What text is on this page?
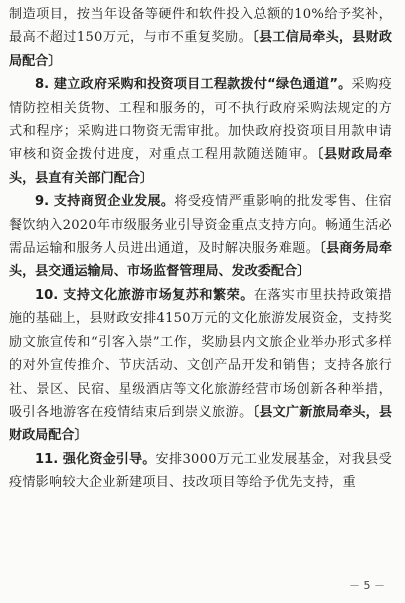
制造项目，按当年设备等硬件和软件投入总额的10%给予奖补，最高不超过150万元，与市不重复奖励。〔县工信局牵头，县财政局配合〕

8. 建立政府采购和投资项目工程款拨付“绿色通道”。采购疫情防控相关货物、工程和服务的，可不执行政府采购法规定的方式和程序；采购进口物资无需审批。加快政府投资项目用款申请审核和资金拨付进度，对重点工程用款随送随审。〔县财政局牵头，县直有关部门配合〕

9. 支持商贸企业发展。将受疫情严重影响的批发零售、住宿餐饮纳入2020年市级服务业引导资金重点支持方向。畅通生活必需品运输和服务人员进出通道，及时解决服务难题。〔县商务局牵头，县交通运输局、市场监督管理局、发改委配合〕

10. 支持文化旅游市场复苏和繁荣。在落实市里扶持政策措施的基础上，县财政安排4150万元的文化旅游发展资金，支持奖励文旅宣传和“引客入崇”工作，奖励县内文旅企业举办形式多样的对外宣传推介、节庆活动、文创产品开发和销售；支持各旅行社、景区、民宿、星级酒店等文化旅游经营市场创新各种举措，吸引各地游客在疫情结束后到崇义旅游。〔县文广新旅局牵头，县财政局配合〕

11. 强化资金引导。安排3000万元工业发展基金，对我县受疫情影响较大企业新建项目、技改项目等给予优先支持，重

－ 5 －
